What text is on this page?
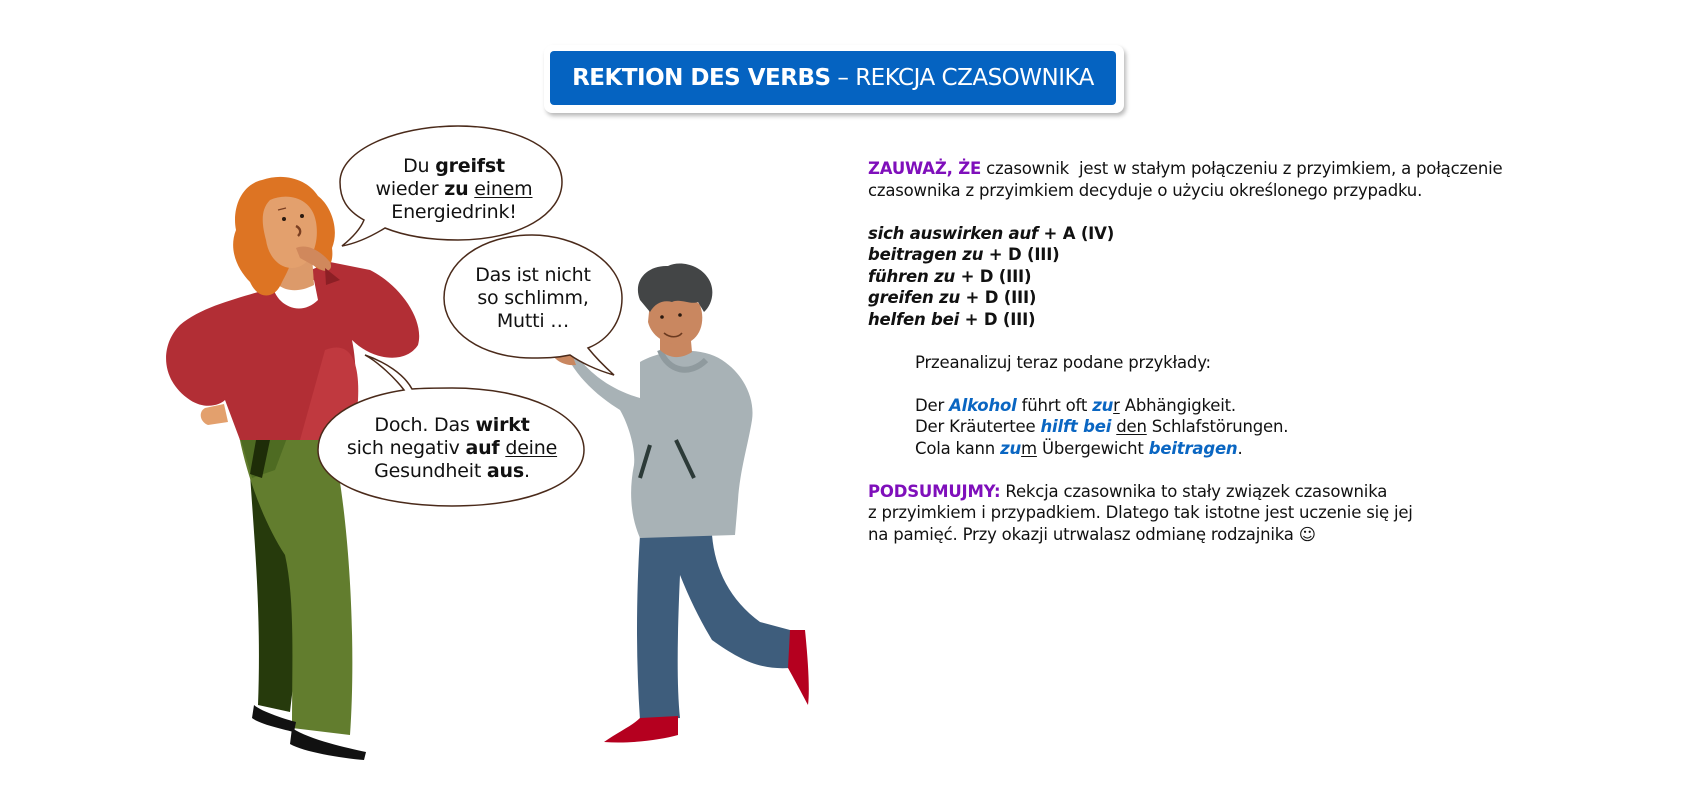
REKTION DES VERBS – REKCJA CZASOWNIKA
Du greifst
wieder zu einem
Energiedrink!
Das ist nicht
so schlimm,
Mutti …
Doch. Das wirkt
sich negativ auf deine
Gesundheit aus.
ZAUWAŻ, ŻE czasownik  jest w stałym połączeniu z przyimkiem, a połączenie
czasownika z przyimkiem decyduje o użyciu określonego przypadku.
sich auswirken auf + A (IV)
beitragen zu + D (III)
führen zu + D (III)
greifen zu + D (III)
helfen bei + D (III)
Przeanalizuj teraz podane przykłady:
Der Alkohol führt oft zur Abhängigkeit.
Der Kräutertee hilft bei den Schlafstörungen.
Cola kann zum Übergewicht beitragen.
PODSUMUJMY: Rekcja czasownika to stały związek czasownika
z przyimkiem i przypadkiem. Dlatego tak istotne jest uczenie się jej
na pamięć. Przy okazji utrwalasz odmianę rodzajnika ☺
